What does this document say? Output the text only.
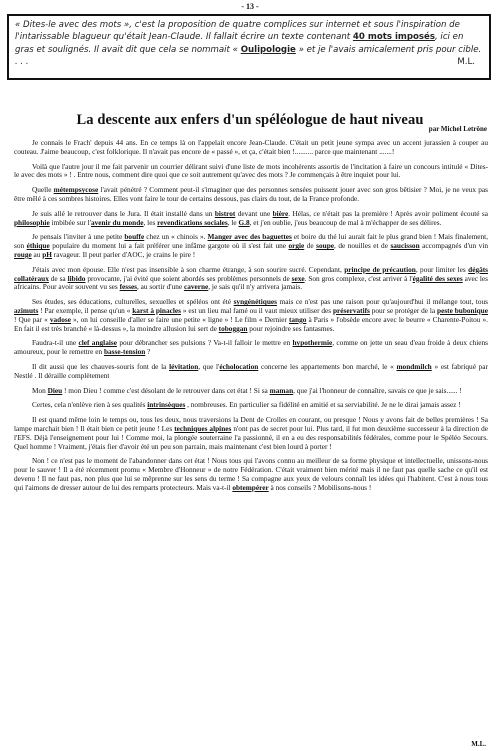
- 13 -

« Dites-le avec des mots », c'est la proposition de quatre complices sur internet et sous l'inspiration de l'intarissable blagueur qu'était Jean-Claude. Il fallait écrire un texte contenant 40 mots imposés, ici en gras et soulignés. Il avait dit que cela se nommait « Oulipologie » et je l'avais amicalement pris pour cible. . . .	M.L.

La descente aux enfers d'un spéléologue de haut niveau
par Michel Letrône

Je connais le Frach' depuis 44 ans. En ce temps là on l'appelait encore Jean-Claude. C'était un petit jeune sympa avec un accent jurassien à couper au couteau. J'aime beaucoup, c'est folklorique. Il n'avait pas encore de « passé », et ça, c'était bien !.......... parce que maintenant .......!

Voilà que l'autre jour il me fait parvenir un courrier délirant suivi d'une liste de mots incohérents assortis de l'incitation à faire un concours intitulé « Dites-le avec des mots » ! . Entre nous, comment dire quoi que ce soit autrement qu'avec des mots ? Je commençais à être inquiet pour lui.

Quelle métempsycose l'avait pénétré ? Comment peut-il s'imaginer que des personnes sensées puissent jouer avec son gros bêtisier ? Moi, je ne veux pas être mêlé à ces sombres histoires. Elles vont faire le tour de certains dessous, pas clairs du tout, de la France profonde.

Je suis allé le retrouver dans le Jura. Il était installé dans un bistrot devant une bière. Hélas, ce n'était pas la première ! Après avoir poliment écouté sa philosophie imbibée sur l'avenir du monde, les revendications sociales, le G.8, et j'en oublie, j'eus beaucoup de mal à m'échapper de ses délires.

Je pensais l'inviter à une petite bouffe chez un « chinois ». Manger avec des baguettes et boire du thé lui aurait fait le plus grand bien ! Mais finalement, son éthique populaire du moment lui a fait préférer une infâme gargote où il s'est fait une orgie de soupe, de nouilles et de saucisson accompagnés d'un vin rouge au pH ravageur. Il peut parler d'AOC, je crains le pire !

J'étais avec mon épouse. Elle n'est pas insensible à son charme étrange, à son sourire sucré. Cependant, principe de précaution, pour limiter les dégâts collatéraux de sa libido provocante, j'ai évité que soient abordés ses problèmes personnels de sexe. Son gros complexe, c'est arriver à l'égalité des sexes avec les africains. Pour avoir souvent vu ses fesses, au sortir d'une caverne, je sais qu'il n'y arrivera jamais.

Ses études, ses éducations, culturelles, sexuelles et spéléos ont été syngénétiques mais ce n'est pas une raison pour qu'aujourd'hui il mélange tout, tous azimuts ! Par exemple, il pense qu'un « karst à pinacles » est un lieu mal famé ou il vaut mieux utiliser des préservatifs pour se protéger de la peste bubonique ! Que par « vadose », on lui conseille d'aller se faire une petite « ligne » ! Le film « Dernier tango à Paris » l'obsède encore avec le beurre « Charente-Poitou ». En fait il est très branché « là-dessus », la moindre allusion lui sert de toboggan pour rejoindre ses fantasmes.

Faudra-t-il une clef anglaise pour débrancher ses pulsions ? Va-t-il falloir le mettre en hypothermie, comme on jette un seau d'eau froide à deux chiens amoureux, pour le remettre en basse-tension ?

Il dit aussi que les chauves-souris font de la lévitation, que l'écholocation concerne les appartements bon marché, le « mondmilch » est fabriqué par Nestlé . Il déraille complètement

Mon Dieu ! mon Dieu ! comme c'est désolant de le retrouver dans cet état ! Si sa maman, que j'ai l'honneur de connaître, savais ce que je sais...... !

Certes, cela n'enlève rien à ses qualités intrinsèques , nombreuses. En particulier sa fidélité en amitié et sa serviabilité. Je ne le dirai jamais assez !

Il est quand même loin le temps ou, tous les deux, nous traversions la Dent de Crolles en courant, ou presque ! Nous y avons fait de belles premières ! Sa lampe marchait bien ! Il était bien ce petit jeune ! Les techniques alpines n'ont pas de secret pour lui. Plus tard, il fut mon deuxième successeur à la direction de l'EFS. Déjà l'enseignement pour lui ! Comme moi, la plongée souterraine l'a passionné, il en a eu des responsabilités fédérales, comme pour le Spéléo Secours. Quel homme ! Vraiment, j'étais fier d'avoir été un peu son parrain, mais maintenant c'est bien lourd à porter !

Non ! ce n'est pas le moment de l'abandonner dans cet état ! Nous tous qui l'avons connu au meilleur de sa forme physique et intellectuelle, unissons-nous pour le sauver ! Il a été récemment promu « Membre d'Honneur » de notre Fédération. C'était vraiment bien mérité mais il ne faut pas quelle sache ce qu'il est devenu ! Il ne faut pas, non plus que lui se mêprenne sur les sens du terme ! Sa compagne aux yeux de velours connaît les idées qui l'habitent. C'est à nous tous qui l'aimons de dresser autour de lui des remparts protecteurs. Mais va-t-il obtempérer à nos conseils ? Mobilisons-nous !

M.L.
